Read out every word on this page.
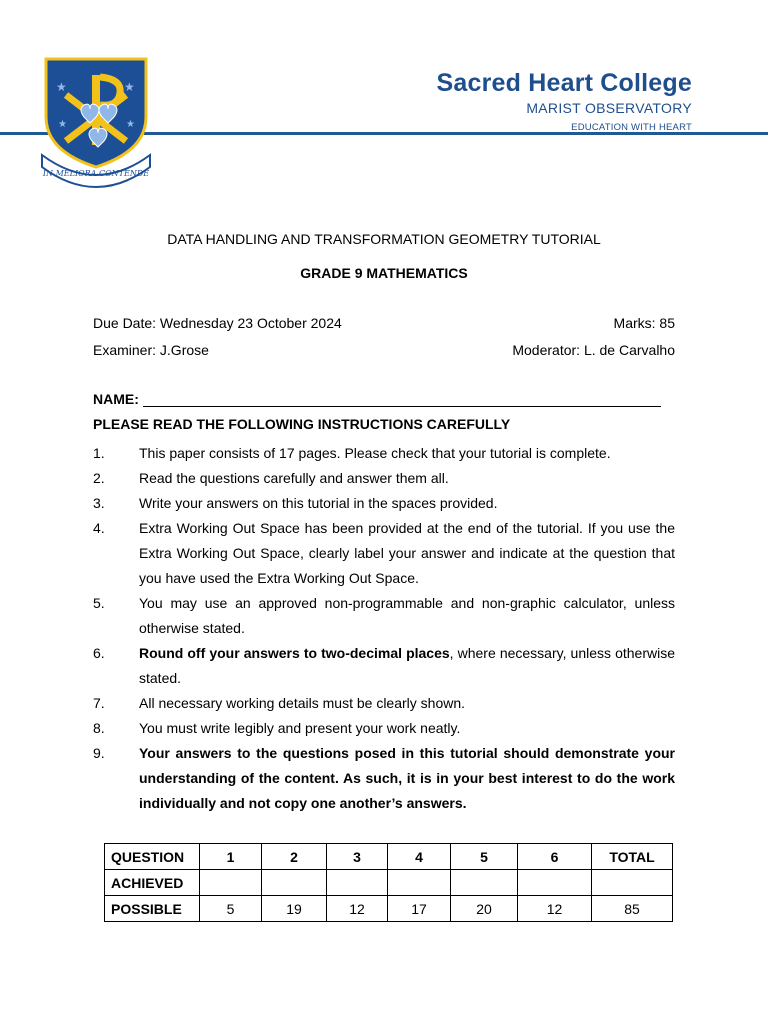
★	★
★	★
IN MELIORA CONTENDE
Sacred Heart College
MARIST OBSERVATORY
EDUCATION WITH HEART
DATA HANDLING AND TRANSFORMATION GEOMETRY TUTORIAL
GRADE 9 MATHEMATICS
Due Date: Wednesday 23 October 2024	Marks: 85
Examiner: J.Grose	Moderator: L. de Carvalho
NAME:
PLEASE READ THE FOLLOWING INSTRUCTIONS CAREFULLY
1.	This paper consists of 17 pages. Please check that your tutorial is complete.
2.	Read the questions carefully and answer them all.
3.	Write your answers on this tutorial in the spaces provided.
4.	Extra Working Out Space has been provided at the end of the tutorial. If you use the Extra Working Out Space, clearly label your answer and indicate at the question that you have used the Extra Working Out Space.
5.	You may use an approved non-programmable and non-graphic calculator, unless otherwise stated.
6.	Round off your answers to two-decimal places, where necessary, unless otherwise stated.
7.	All necessary working details must be clearly shown.
8.	You must write legibly and present your work neatly.
9.	Your answers to the questions posed in this tutorial should demonstrate your understanding of the content. As such, it is in your best interest to do the work individually and not copy one another’s answers.
QUESTION	1	2	3	4	5	6	TOTAL
ACHIEVED							
POSSIBLE	5	19	12	17	20	12	85
